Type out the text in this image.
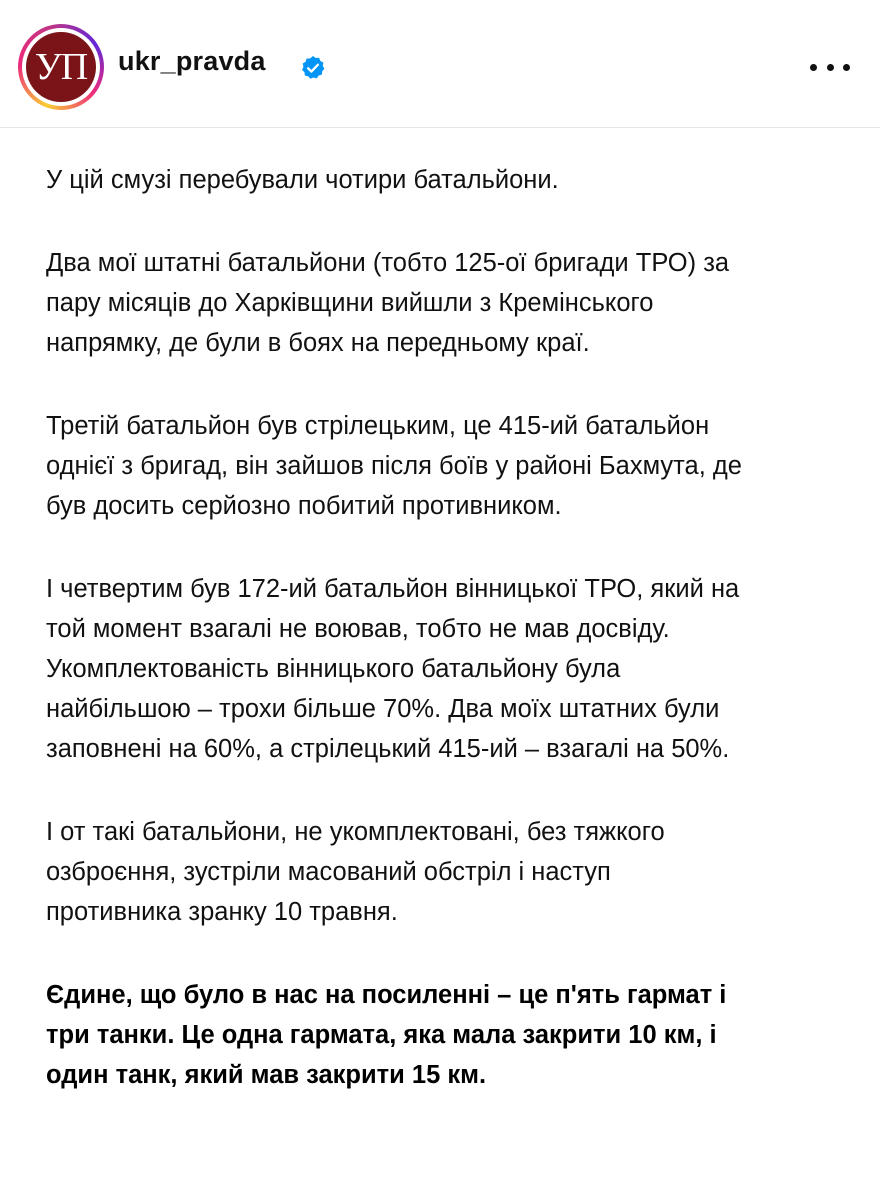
УП	ukr_pravda

У цій смузі перебували чотири батальйони.

Два мої штатні батальйони (тобто 125-ої бригади ТРО) за
пару місяців до Харківщини вийшли з Кремінського
напрямку, де були в боях на передньому краї.

Третій батальйон був стрілецьким, це 415-ий батальйон
однієї з бригад, він зайшов після боїв у районі Бахмута, де
був досить серйозно побитий противником.

І четвертим був 172-ий батальйон вінницької ТРО, який на
той момент взагалі не воював, тобто не мав досвіду.
Укомплектованість вінницького батальйону була
найбільшою – трохи більше 70%. Два моїх штатних були
заповнені на 60%, а стрілецький 415-ий – взагалі на 50%.

І от такі батальйони, не укомплектовані, без тяжкого
озброєння, зустріли масований обстріл і наступ
противника зранку 10 травня.

Єдине, що було в нас на посиленні – це п'ять гармат і
три танки. Це одна гармата, яка мала закрити 10 км, і
один танк, який мав закрити 15 км.
